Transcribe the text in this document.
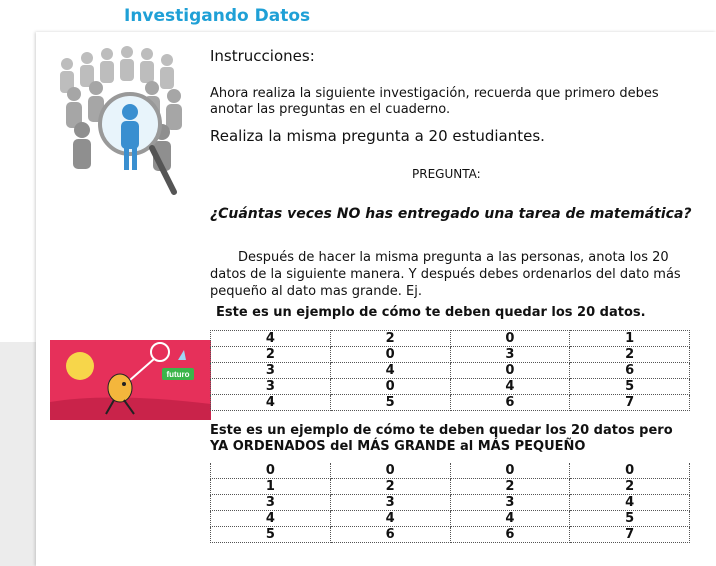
Investigando Datos
Instrucciones:
Ahora realiza la siguiente investigación, recuerda que primero debes anotar las preguntas en el cuaderno.
Realiza la misma pregunta a 20 estudiantes.
PREGUNTA:
¿Cuántas veces NO has entregado una tarea de matemática?
Después de hacer la misma pregunta a las personas, anota los 20 datos de la siguiente manera. Y después debes ordenarlos del dato más pequeño al dato mas grande. Ej.
Este es un ejemplo de cómo te deben quedar los 20 datos.
futuro
4	2	0	1
2	0	3	2
3	4	0	6
3	0	4	5
4	5	6	7
Este es un ejemplo de cómo te deben quedar los 20 datos pero YA ORDENADOS del MÁS GRANDE al MÁS PEQUEÑO
0	0	0	0
1	2	2	2
3	3	3	4
4	4	4	5
5	6	6	7
